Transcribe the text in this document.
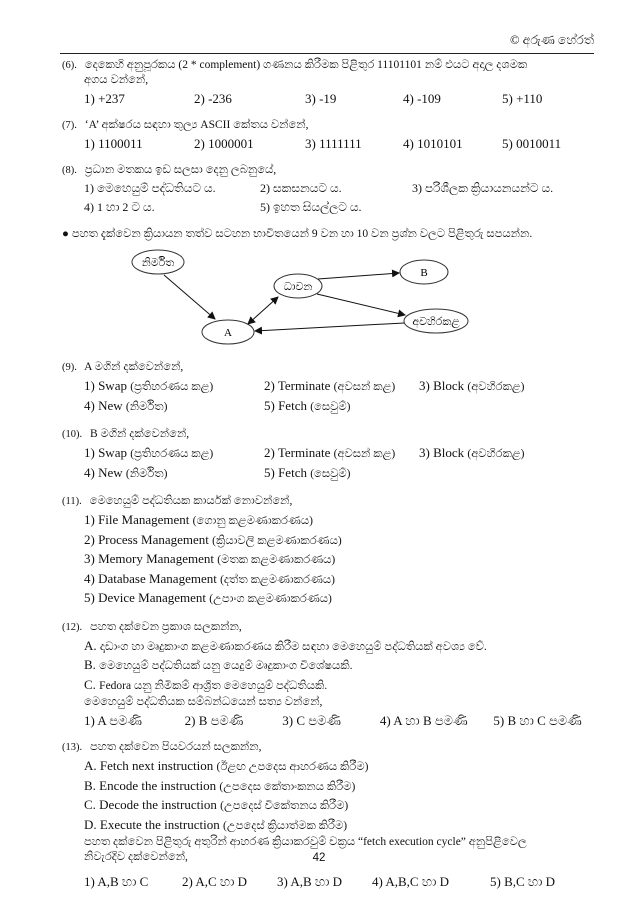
© අරුණ හේරත්
(6). දෙකෙහි අනුපූරකය (2 * complement) ගණනය කිරීමක පිළිතුර 11101101 නම් එයට අදාල දශමක
අගය වන්නේ,
1) +237	2) -236	3) -19	4) -109	5) +110
(7). ‘A’ අක්ෂරය සඳහා තුල්‍ය ASCII කේතය වන්නේ,
1) 1100011	2) 1000001	3) 1111111	4) 1010101	5) 0010011
(8). ප්‍රධාන මතකය ඉඩ සලසා දෙනු ලබනුයේ,
1) මෙහෙයුම් පද්ධතියට ය.	2) සකසනයට ය.	3) පරිශීලක ක්‍රියායනයන්ට ය.
4) 1 හා 2 ට ය.	5) ඉහත සියල්ලට ය.
● පහත දැක්වෙන ක්‍රියායන තත්ව සටහන භාවිතයෙන් 9 වන හා 10 වන ප්‍රශ්න වලට පිළිතුරු සපයන්න.
නිර්මිත
B
ධාවන
අවහිරකළ
A
(9). A මගින් දක්වෙන්නේ,
1) Swap (ප්‍රතිහරණය කළ)	2) Terminate (අවසන් කළ)	3) Block (අවහිරකළ)
4) New (නිර්මිත)	5) Fetch (සෙවුම්)
(10). B මගින් දක්වෙන්නේ,
1) Swap (ප්‍රතිහරණය කළ)	2) Terminate (අවසන් කළ)	3) Block (අවහිරකළ)
4) New (නිර්මිත)	5) Fetch (සෙවුම්)
(11). මෙහෙයුම් පද්ධතියක කාර්යක් නොවන්නේ,
1) File Management (ගොනු කළමණාකරණය)
2) Process Management (ක්‍රියාවලි කළමණාකරණය)
3) Memory Management (මතක කළමණාකරණය)
4) Database Management (දත්ත කළමණාකරණය)
5) Device Management (උපාංග කළමණාකරණය)
(12). පහත දක්වෙන ප්‍රකාශ සලකන්න,
A. දෘඩාංග හා මෘදුකාංග කළමණාකරණය කිරීම සඳහා මෙහෙයුම් පද්ධතියක් අවශ්‍ය වේ.
B. මෙහෙයුම් පද්ධතියක් යනු යෙදුම් මෘදුකාංග විශේෂයකි.
C. Fedora යනු නිමිකම් ආශ්‍රිත මෙහෙයුම් පද්ධතියකි.
මෙහෙයුම් පද්ධතියක සම්බන්ධයෙන් සත්‍ය වන්නේ,
1) A පමණි	2) B පමණි	3) C පමණි	4) A හා B පමණි	5) B හා C පමණි
(13). පහත දක්වෙන පියවරයන් සලකන්න,
A. Fetch next instruction (ඊළඟ උපදෙස ආහරණය කිරීම)
B. Encode the instruction (උපදෙස කේතාංකනය කිරීම)
C. Decode the instruction (උපදෙස් විකේතනය කිරීම)
D. Execute the instruction (උපදෙස් ක්‍රියාත්මක කිරීම)
පහත දක්වෙන පිළිතුරු අතුරින් ආහරණ ක්‍රියාකරවුම් චක්‍රය “fetch execution cycle” අනුපිළිවෙල
නිවැරදිව දක්වෙන්නේ,
1) A,B හා C	2) A,C හා D	3) A,B හා D	4) A,B,C හා D	5) B,C හා D
42
